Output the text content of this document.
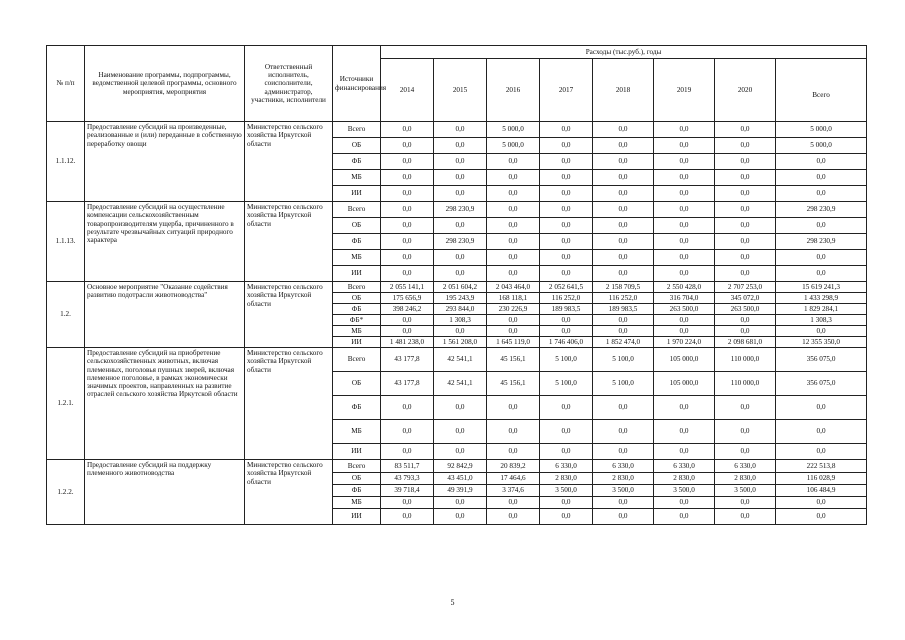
№ п/п	Наименование программы, подпрограммы, ведомственной целевой программы, основного мероприятия, мероприятия	Ответственный исполнитель, соисполнители, администратор, участники, исполнители	Источники финансирования	Расходы (тыс.руб.), годы							
				2014	2015	2016	2017	2018	2019	2020	Всего
1.1.12.	Предоставление субсидий на произведенные, реализованные и (или) переданные в собственную переработку овощи	Министерство сельского хозяйства Иркутской области	Всего	0,0	0,0	5 000,0	0,0	0,0	0,0	0,0	5 000,0
			ОБ	0,0	0,0	5 000,0	0,0	0,0	0,0	0,0	5 000,0
			ФБ	0,0	0,0	0,0	0,0	0,0	0,0	0,0	0,0
			МБ	0,0	0,0	0,0	0,0	0,0	0,0	0,0	0,0
			ИИ	0,0	0,0	0,0	0,0	0,0	0,0	0,0	0,0
1.1.13.	Предоставление субсидий на осуществление компенсации сельскохозяйственным товаропроизводителям ущерба, причиненного в результате чрезвычайных ситуаций природного характера	Министерство сельского хозяйства Иркутской области	Всего	0,0	298 230,9	0,0	0,0	0,0	0,0	0,0	298 230,9
			ОБ	0,0	0,0	0,0	0,0	0,0	0,0	0,0	0,0
			ФБ	0,0	298 230,9	0,0	0,0	0,0	0,0	0,0	298 230,9
			МБ	0,0	0,0	0,0	0,0	0,0	0,0	0,0	0,0
			ИИ	0,0	0,0	0,0	0,0	0,0	0,0	0,0	0,0
1.2.	Основное мероприятие "Оказание содействия развитию подотрасли животноводства"	Министерство сельского хозяйства Иркутской области	Всего	2 055 141,1	2 051 604,2	2 043 464,0	2 052 641,5	2 158 709,5	2 550 428,0	2 707 253,0	15 619 241,3
			ОБ	175 656,9	195 243,9	168 118,1	116 252,0	116 252,0	316 704,0	345 072,0	1 433 298,9
			ФБ	398 246,2	293 844,0	230 226,9	189 983,5	189 983,5	263 500,0	263 500,0	1 829 284,1
			ФБ*	0,0	1 308,3	0,0	0,0	0,0	0,0	0,0	1 308,3
			МБ	0,0	0,0	0,0	0,0	0,0	0,0	0,0	0,0
			ИИ	1 481 238,0	1 561 208,0	1 645 119,0	1 746 406,0	1 852 474,0	1 970 224,0	2 098 681,0	12 355 350,0
1.2.1.	Предоставление субсидий на приобретение сельскохозяйственных животных, включая племенных, поголовья пушных зверей, включая племенное поголовье, в рамках экономически значимых проектов, направленных на развитие отраслей сельского хозяйства Иркутской области	Министерство сельского хозяйства Иркутской области	Всего	43 177,8	42 541,1	45 156,1	5 100,0	5 100,0	105 000,0	110 000,0	356 075,0
			ОБ	43 177,8	42 541,1	45 156,1	5 100,0	5 100,0	105 000,0	110 000,0	356 075,0
			ФБ	0,0	0,0	0,0	0,0	0,0	0,0	0,0	0,0
			МБ	0,0	0,0	0,0	0,0	0,0	0,0	0,0	0,0
			ИИ	0,0	0,0	0,0	0,0	0,0	0,0	0,0	0,0
1.2.2.	Предоставление субсидий на поддержку племенного животноводства	Министерство сельского хозяйства Иркутской области	Всего	83 511,7	92 842,9	20 839,2	6 330,0	6 330,0	6 330,0	6 330,0	222 513,8
			ОБ	43 793,3	43 451,0	17 464,6	2 830,0	2 830,0	2 830,0	2 830,0	116 028,9
			ФБ	39 718,4	49 391,9	3 374,6	3 500,0	3 500,0	3 500,0	3 500,0	106 484,9
			МБ	0,0	0,0	0,0	0,0	0,0	0,0	0,0	0,0
			ИИ	0,0	0,0	0,0	0,0	0,0	0,0	0,0	0,0
5
